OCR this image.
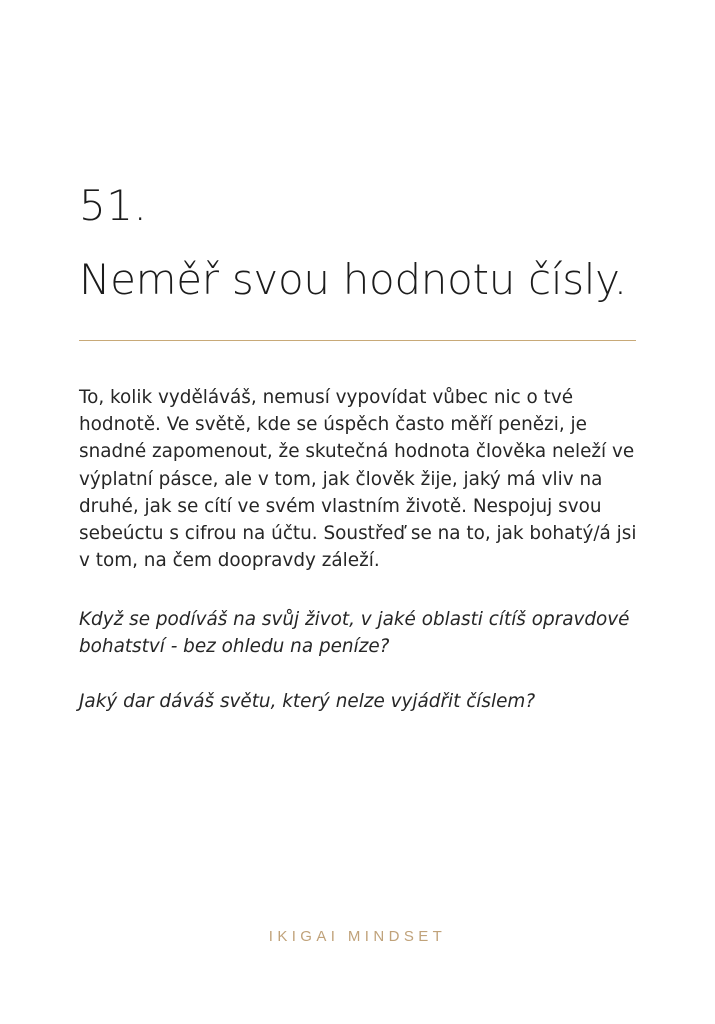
51.
Neměř svou hodnotu čísly.

To, kolik vyděláváš, nemusí vypovídat vůbec nic o tvé hodnotě. Ve světě, kde se úspěch často měří penězi, je snadné zapomenout, že skutečná hodnota člověka neleží ve výplatní pásce, ale v tom, jak člověk žije, jaký má vliv na druhé, jak se cítí ve svém vlastním životě. Nespojuj svou sebeúctu s cifrou na účtu. Soustřeď se na to, jak bohatý/á jsi v tom, na čem doopravdy záleží.

Když se podíváš na svůj život, v jaké oblasti cítíš opravdové bohatství - bez ohledu na peníze?

Jaký dar dáváš světu, který nelze vyjádřit číslem?

IKIGAI MINDSET
